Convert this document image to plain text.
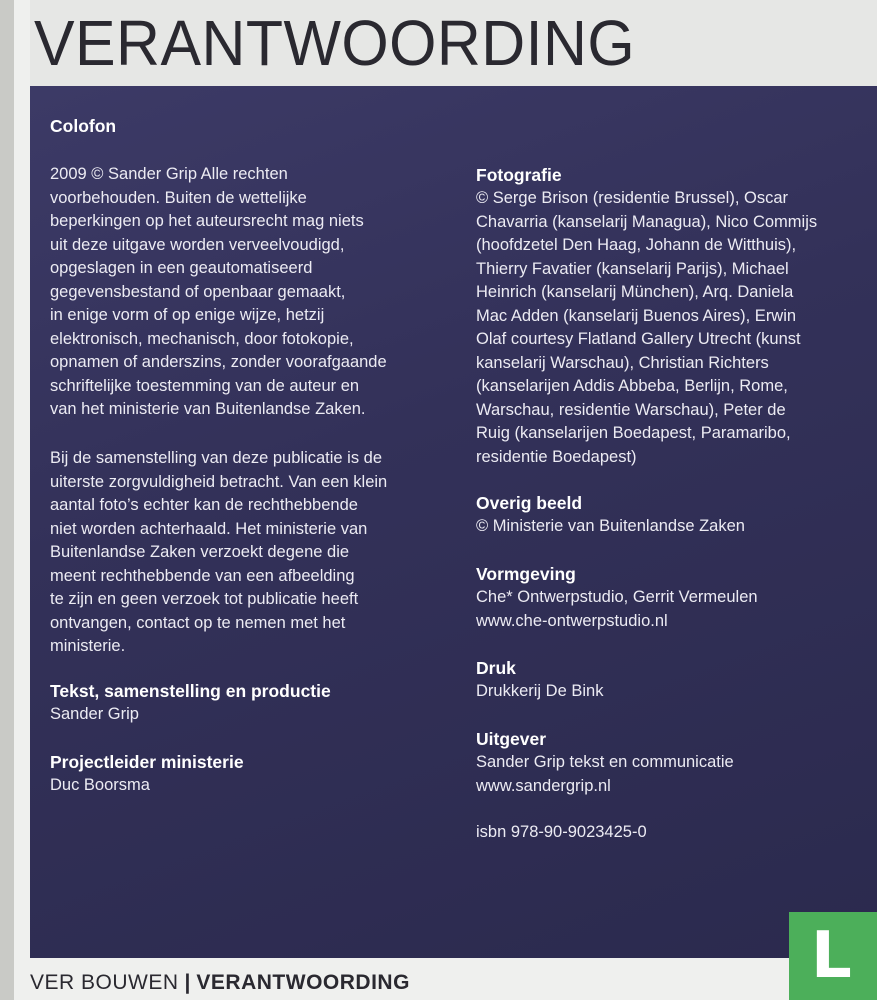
VERANTWOORDING
Colofon

2009 © Sander Grip Alle rechten
voorbehouden. Buiten de wettelijke
beperkingen op het auteursrecht mag niets
uit deze uitgave worden verveelvoudigd,
opgeslagen in een geautomatiseerd
gegevensbestand of openbaar gemaakt,
in enige vorm of op enige wijze, hetzij
elektronisch, mechanisch, door fotokopie,
opnamen of anderszins, zonder voorafgaande
schriftelijke toestemming van de auteur en
van het ministerie van Buitenlandse Zaken.

Bij de samenstelling van deze publicatie is de
uiterste zorgvuldigheid betracht. Van een klein
aantal foto’s echter kan de rechthebbende
niet worden achterhaald. Het ministerie van
Buitenlandse Zaken verzoekt degene die
meent rechthebbende van een afbeelding
te zijn en geen verzoek tot publicatie heeft
ontvangen, contact op te nemen met het
ministerie.

Tekst, samenstelling en productie
Sander Grip
Projectleider ministerie
Duc Boorsma
Fotografie
© Serge Brison (residentie Brussel), Oscar
Chavarria (kanselarij Managua), Nico Commijs
(hoofdzetel Den Haag, Johann de Witthuis),
Thierry Favatier (kanselarij Parijs), Michael
Heinrich (kanselarij München), Arq. Daniela
Mac Adden (kanselarij Buenos Aires), Erwin
Olaf courtesy Flatland Gallery Utrecht (kunst
kanselarij Warschau), Christian Richters
(kanselarijen Addis Abbeba, Berlijn, Rome,
Warschau, residentie Warschau), Peter de
Ruig (kanselarijen Boedapest, Paramaribo,
residentie Boedapest)
Overig beeld
© Ministerie van Buitenlandse Zaken
Vormgeving
Che* Ontwerpstudio, Gerrit Vermeulen
www.che-ontwerpstudio.nl
Druk
Drukkerij De Bink
Uitgever
Sander Grip tekst en communicatie
www.sandergrip.nl
isbn 978-90-9023425-0
L
VER BOUWEN | VERANTWOORDING
